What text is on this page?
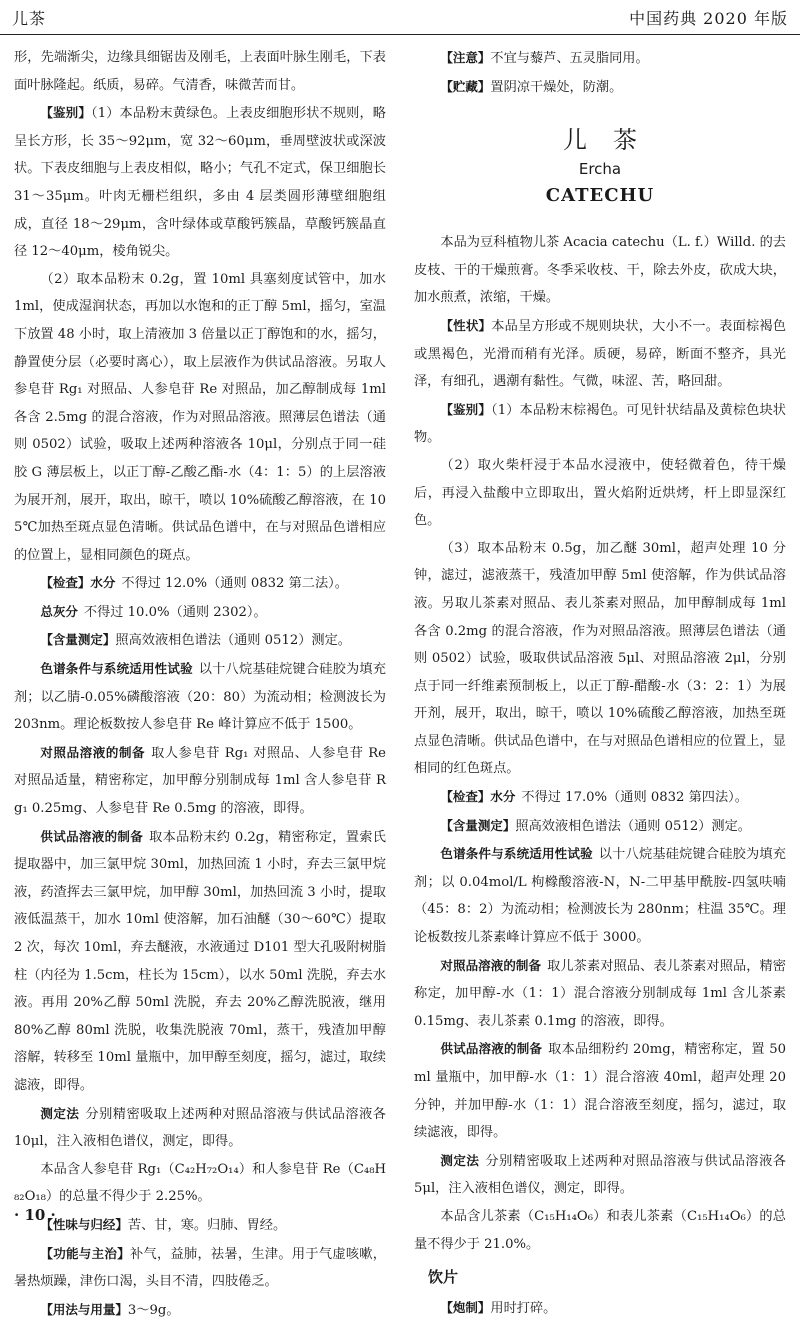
儿茶	中国药典 2020 年版

形，先端渐尖，边缘具细锯齿及刚毛，上表面叶脉生刚毛，下表面叶脉隆起。纸质，易碎。气清香，味微苦而甘。

【鉴别】（1）本品粉末黄绿色。上表皮细胞形状不规则，略呈长方形，长 35～92μm，宽 32～60μm，垂周壁波状或深波状。下表皮细胞与上表皮相似，略小；气孔不定式，保卫细胞长 31～35μm。叶肉无栅栏组织，多由 4 层类圆形薄壁细胞组成，直径 18～29μm，含叶绿体或草酸钙簇晶，草酸钙簇晶直径 12～40μm，棱角锐尖。

（2）取本品粉末 0.2g，置 10ml 具塞刻度试管中，加水 1ml，使成湿润状态，再加以水饱和的正丁醇 5ml，摇匀，室温下放置 48 小时，取上清液加 3 倍量以正丁醇饱和的水，摇匀，静置使分层（必要时离心），取上层液作为供试品溶液。另取人参皂苷 Rg₁ 对照品、人参皂苷 Re 对照品，加乙醇制成每 1ml 各含 2.5mg 的混合溶液，作为对照品溶液。照薄层色谱法（通则 0502）试验，吸取上述两种溶液各 10μl，分别点于同一硅胶 G 薄层板上，以正丁醇-乙酸乙酯-水（4：1：5）的上层溶液为展开剂，展开，取出，晾干，喷以 10%硫酸乙醇溶液，在 105℃加热至斑点显色清晰。供试品色谱中，在与对照品色谱相应的位置上，显相同颜色的斑点。

【检查】水分 不得过 12.0%（通则 0832 第二法）。

总灰分 不得过 10.0%（通则 2302）。

【含量测定】照高效液相色谱法（通则 0512）测定。

色谱条件与系统适用性试验 以十八烷基硅烷键合硅胶为填充剂；以乙腈-0.05%磷酸溶液（20：80）为流动相；检测波长为 203nm。理论板数按人参皂苷 Re 峰计算应不低于 1500。

对照品溶液的制备 取人参皂苷 Rg₁ 对照品、人参皂苷 Re 对照品适量，精密称定，加甲醇分别制成每 1ml 含人参皂苷 Rg₁ 0.25mg、人参皂苷 Re 0.5mg 的溶液，即得。

供试品溶液的制备 取本品粉末约 0.2g，精密称定，置索氏提取器中，加三氯甲烷 30ml，加热回流 1 小时，弃去三氯甲烷液，药渣挥去三氯甲烷，加甲醇 30ml，加热回流 3 小时，提取液低温蒸干，加水 10ml 使溶解，加石油醚（30～60℃）提取 2 次，每次 10ml，弃去醚液，水液通过 D101 型大孔吸附树脂柱（内径为 1.5cm，柱长为 15cm），以水 50ml 洗脱，弃去水液。再用 20%乙醇 50ml 洗脱，弃去 20%乙醇洗脱液，继用 80%乙醇 80ml 洗脱，收集洗脱液 70ml，蒸干，残渣加甲醇溶解，转移至 10ml 量瓶中，加甲醇至刻度，摇匀，滤过，取续滤液，即得。

测定法 分别精密吸取上述两种对照品溶液与供试品溶液各 10μl，注入液相色谱仪，测定，即得。

本品含人参皂苷 Rg₁（C₄₂H₇₂O₁₄）和人参皂苷 Re（C₄₈H₈₂O₁₈）的总量不得少于 2.25%。

【性味与归经】苦、甘，寒。归肺、胃经。

【功能与主治】补气，益肺，祛暑，生津。用于气虚咳嗽，暑热烦躁，津伤口渴，头目不清，四肢倦乏。

【用法与用量】3～9g。

【注意】不宜与藜芦、五灵脂同用。

【贮藏】置阴凉干燥处，防潮。

儿茶
Ercha
CATECHU

本品为豆科植物儿茶 Acacia catechu（L. f.）Willd. 的去皮枝、干的干燥煎膏。冬季采收枝、干，除去外皮，砍成大块，加水煎煮，浓缩，干燥。

【性状】本品呈方形或不规则块状，大小不一。表面棕褐色或黑褐色，光滑而稍有光泽。质硬，易碎，断面不整齐，具光泽，有细孔，遇潮有黏性。气微，味涩、苦，略回甜。

【鉴别】（1）本品粉末棕褐色。可见针状结晶及黄棕色块状物。

（2）取火柴杆浸于本品水浸液中，使轻微着色，待干燥后，再浸入盐酸中立即取出，置火焰附近烘烤，杆上即显深红色。

（3）取本品粉末 0.5g，加乙醚 30ml，超声处理 10 分钟，滤过，滤液蒸干，残渣加甲醇 5ml 使溶解，作为供试品溶液。另取儿茶素对照品、表儿茶素对照品，加甲醇制成每 1ml 各含 0.2mg 的混合溶液，作为对照品溶液。照薄层色谱法（通则 0502）试验，吸取供试品溶液 5μl、对照品溶液 2μl，分别点于同一纤维素预制板上，以正丁醇-醋酸-水（3：2：1）为展开剂，展开，取出，晾干，喷以 10%硫酸乙醇溶液，加热至斑点显色清晰。供试品色谱中，在与对照品色谱相应的位置上，显相同的红色斑点。

【检查】水分 不得过 17.0%（通则 0832 第四法）。

【含量测定】照高效液相色谱法（通则 0512）测定。

色谱条件与系统适用性试验 以十八烷基硅烷键合硅胶为填充剂；以 0.04mol/L 枸橼酸溶液-N，N-二甲基甲酰胺-四氢呋喃（45：8：2）为流动相；检测波长为 280nm；柱温 35℃。理论板数按儿茶素峰计算应不低于 3000。

对照品溶液的制备 取儿茶素对照品、表儿茶素对照品，精密称定，加甲醇-水（1：1）混合溶液分别制成每 1ml 含儿茶素 0.15mg、表儿茶素 0.1mg 的溶液，即得。

供试品溶液的制备 取本品细粉约 20mg，精密称定，置 50ml 量瓶中，加甲醇-水（1：1）混合溶液 40ml，超声处理 20 分钟，并加甲醇-水（1：1）混合溶液至刻度，摇匀，滤过，取续滤液，即得。

测定法 分别精密吸取上述两种对照品溶液与供试品溶液各 5μl，注入液相色谱仪，测定，即得。

本品含儿茶素（C₁₅H₁₄O₆）和表儿茶素（C₁₅H₁₄O₆）的总量不得少于 21.0%。

饮片

【炮制】用时打碎。

· 10 ·
